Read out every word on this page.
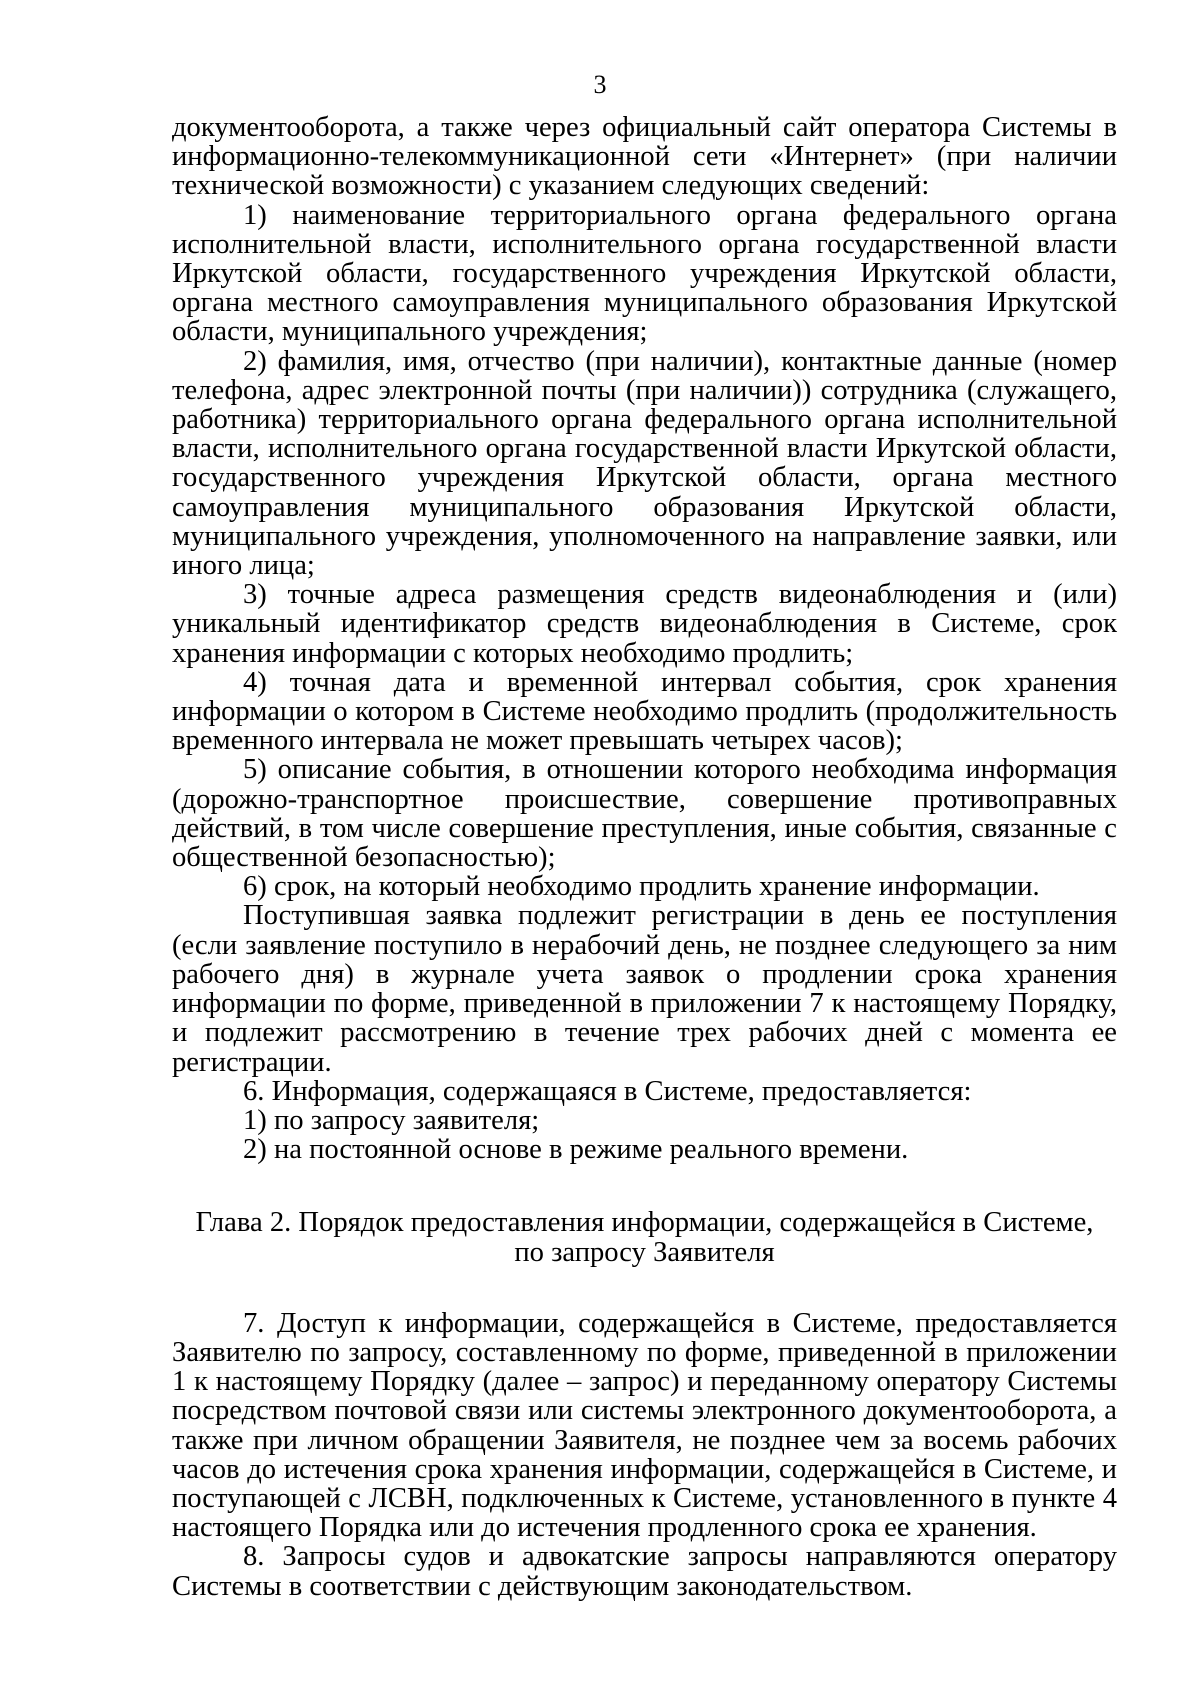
3

документооборота, а также через официальный сайт оператора Системы в информационно-телекоммуникационной сети «Интернет» (при наличии технической возможности) с указанием следующих сведений:

1) наименование территориального органа федерального органа исполнительной власти, исполнительного органа государственной власти Иркутской области, государственного учреждения Иркутской области, органа местного самоуправления муниципального образования Иркутской области, муниципального учреждения;

2) фамилия, имя, отчество (при наличии), контактные данные (номер телефона, адрес электронной почты (при наличии)) сотрудника (служащего, работника) территориального органа федерального органа исполнительной власти, исполнительного органа государственной власти Иркутской области, государственного учреждения Иркутской области, органа местного самоуправления муниципального образования Иркутской области, муниципального учреждения, уполномоченного на направление заявки, или иного лица;

3) точные адреса размещения средств видеонаблюдения и (или) уникальный идентификатор средств видеонаблюдения в Системе, срок хранения информации с которых необходимо продлить;

4) точная дата и временной интервал события, срок хранения информации о котором в Системе необходимо продлить (продолжительность временного интервала не может превышать четырех часов);

5) описание события, в отношении которого необходима информация (дорожно-транспортное происшествие, совершение противоправных действий, в том числе совершение преступления, иные события, связанные с общественной безопасностью);

6) срок, на который необходимо продлить хранение информации.

Поступившая заявка подлежит регистрации в день ее поступления (если заявление поступило в нерабочий день, не позднее следующего за ним рабочего дня) в журнале учета заявок о продлении срока хранения информации по форме, приведенной в приложении 7 к настоящему Порядку, и подлежит рассмотрению в течение трех рабочих дней с момента ее регистрации.

6. Информация, содержащаяся в Системе, предоставляется:

1) по запросу заявителя;

2) на постоянной основе в режиме реального времени.

Глава 2. Порядок предоставления информации, содержащейся в Системе,
по запросу Заявителя

7. Доступ к информации, содержащейся в Системе, предоставляется Заявителю по запросу, составленному по форме, приведенной в приложении 1 к настоящему Порядку (далее – запрос) и переданному оператору Системы посредством почтовой связи или системы электронного документооборота, а также при личном обращении Заявителя, не позднее чем за восемь рабочих часов до истечения срока хранения информации, содержащейся в Системе, и поступающей с ЛСВН, подключенных к Системе, установленного в пункте 4 настоящего Порядка или до истечения продленного срока ее хранения.

8. Запросы судов и адвокатские запросы направляются оператору Системы в соответствии с действующим законодательством.
